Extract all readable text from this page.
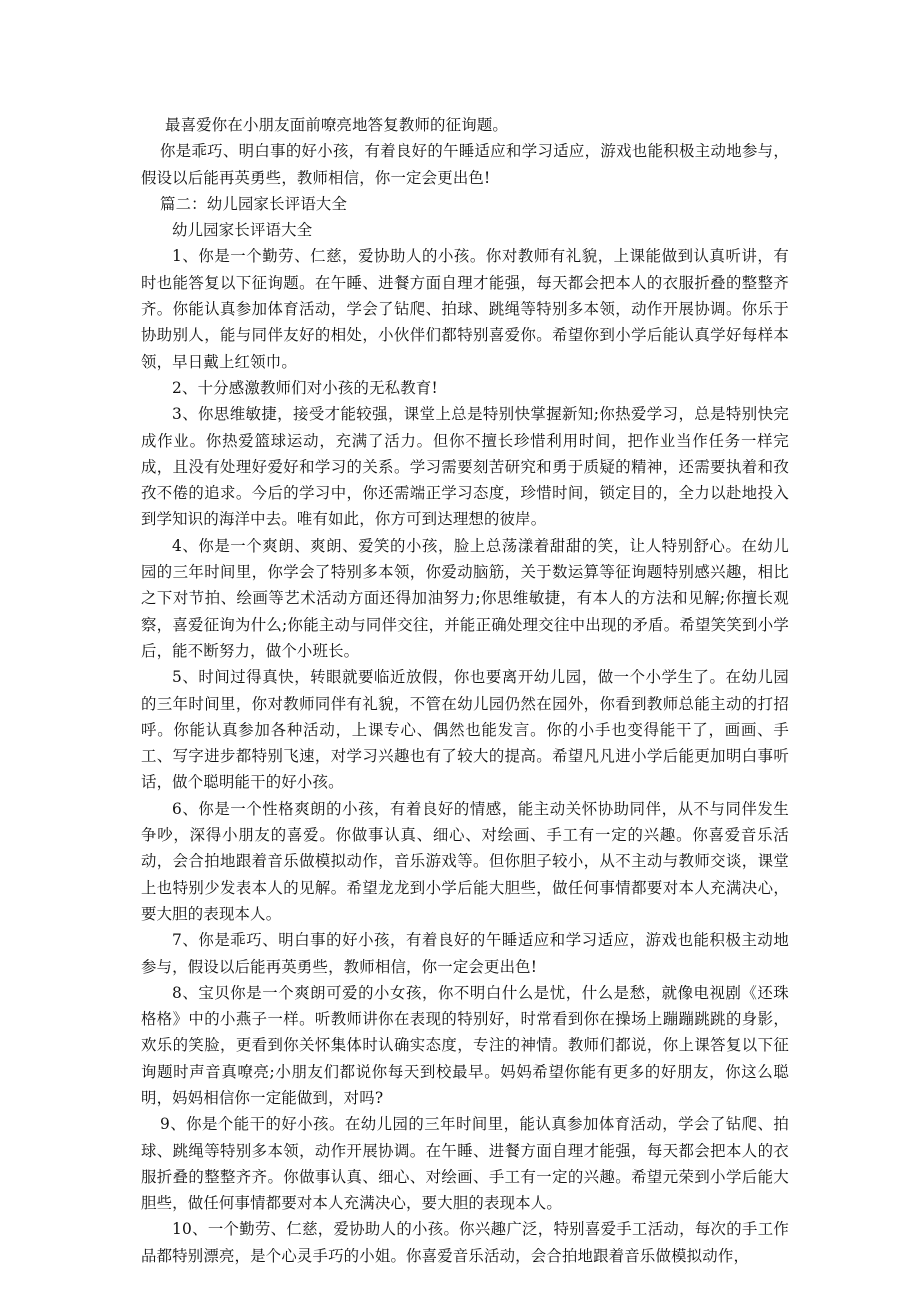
最喜爱你在小朋友面前嘹亮地答复教师的征询题。

你是乖巧、明白事的好小孩，有着良好的午睡适应和学习适应，游戏也能积极主动地参与，假设以后能再英勇些，教师相信，你一定会更出色!

篇二：幼儿园家长评语大全

幼儿园家长评语大全

1、你是一个勤劳、仁慈，爱协助人的小孩。你对教师有礼貌，上课能做到认真听讲，有时也能答复以下征询题。在午睡、进餐方面自理才能强，每天都会把本人的衣服折叠的整整齐齐。你能认真参加体育活动，学会了钻爬、拍球、跳绳等特别多本领，动作开展协调。你乐于协助别人，能与同伴友好的相处，小伙伴们都特别喜爱你。希望你到小学后能认真学好每样本领，早日戴上红领巾。

2、十分感激教师们对小孩的无私教育!

3、你思维敏捷，接受才能较强，课堂上总是特别快掌握新知;你热爱学习，总是特别快完成作业。你热爱篮球运动，充满了活力。但你不擅长珍惜利用时间，把作业当作任务一样完成，且没有处理好爱好和学习的关系。学习需要刻苦研究和勇于质疑的精神，还需要执着和孜孜不倦的追求。今后的学习中，你还需端正学习态度，珍惜时间，锁定目的，全力以赴地投入到学知识的海洋中去。唯有如此，你方可到达理想的彼岸。

4、你是一个爽朗、爽朗、爱笑的小孩，脸上总荡漾着甜甜的笑，让人特别舒心。在幼儿园的三年时间里，你学会了特别多本领，你爱动脑筋，关于数运算等征询题特别感兴趣，相比之下对节拍、绘画等艺术活动方面还得加油努力;你思维敏捷，有本人的方法和见解;你擅长观察，喜爱征询为什么;你能主动与同伴交往，并能正确处理交往中出现的矛盾。希望笑笑到小学后，能不断努力，做个小班长。

5、时间过得真快，转眼就要临近放假，你也要离开幼儿园，做一个小学生了。在幼儿园的三年时间里，你对教师同伴有礼貌，不管在幼儿园仍然在园外，你看到教师总能主动的打招呼。你能认真参加各种活动，上课专心、偶然也能发言。你的小手也变得能干了，画画、手工、写字进步都特别飞速，对学习兴趣也有了较大的提高。希望凡凡进小学后能更加明白事听话，做个聪明能干的好小孩。

6、你是一个性格爽朗的小孩，有着良好的情感，能主动关怀协助同伴，从不与同伴发生争吵，深得小朋友的喜爱。你做事认真、细心、对绘画、手工有一定的兴趣。你喜爱音乐活动，会合拍地跟着音乐做模拟动作，音乐游戏等。但你胆子较小，从不主动与教师交谈，课堂上也特别少发表本人的见解。希望龙龙到小学后能大胆些，做任何事情都要对本人充满决心，要大胆的表现本人。

7、你是乖巧、明白事的好小孩，有着良好的午睡适应和学习适应，游戏也能积极主动地参与，假设以后能再英勇些，教师相信，你一定会更出色!

8、宝贝你是一个爽朗可爱的小女孩，你不明白什么是忧，什么是愁，就像电视剧《还珠格格》中的小燕子一样。听教师讲你在表现的特别好，时常看到你在操场上蹦蹦跳跳的身影，欢乐的笑脸，更看到你关怀集体时认确实态度，专注的神情。教师们都说，你上课答复以下征询题时声音真嘹亮;小朋友们都说你每天到校最早。妈妈希望你能有更多的好朋友，你这么聪明，妈妈相信你一定能做到，对吗?

9、你是个能干的好小孩。在幼儿园的三年时间里，能认真参加体育活动，学会了钻爬、拍球、跳绳等特别多本领，动作开展协调。在午睡、进餐方面自理才能强，每天都会把本人的衣服折叠的整整齐齐。你做事认真、细心、对绘画、手工有一定的兴趣。希望元荣到小学后能大胆些，做任何事情都要对本人充满决心，要大胆的表现本人。

10、一个勤劳、仁慈，爱协助人的小孩。你兴趣广泛，特别喜爱手工活动，每次的手工作品都特别漂亮，是个心灵手巧的小姐。你喜爱音乐活动，会合拍地跟着音乐做模拟动作，
